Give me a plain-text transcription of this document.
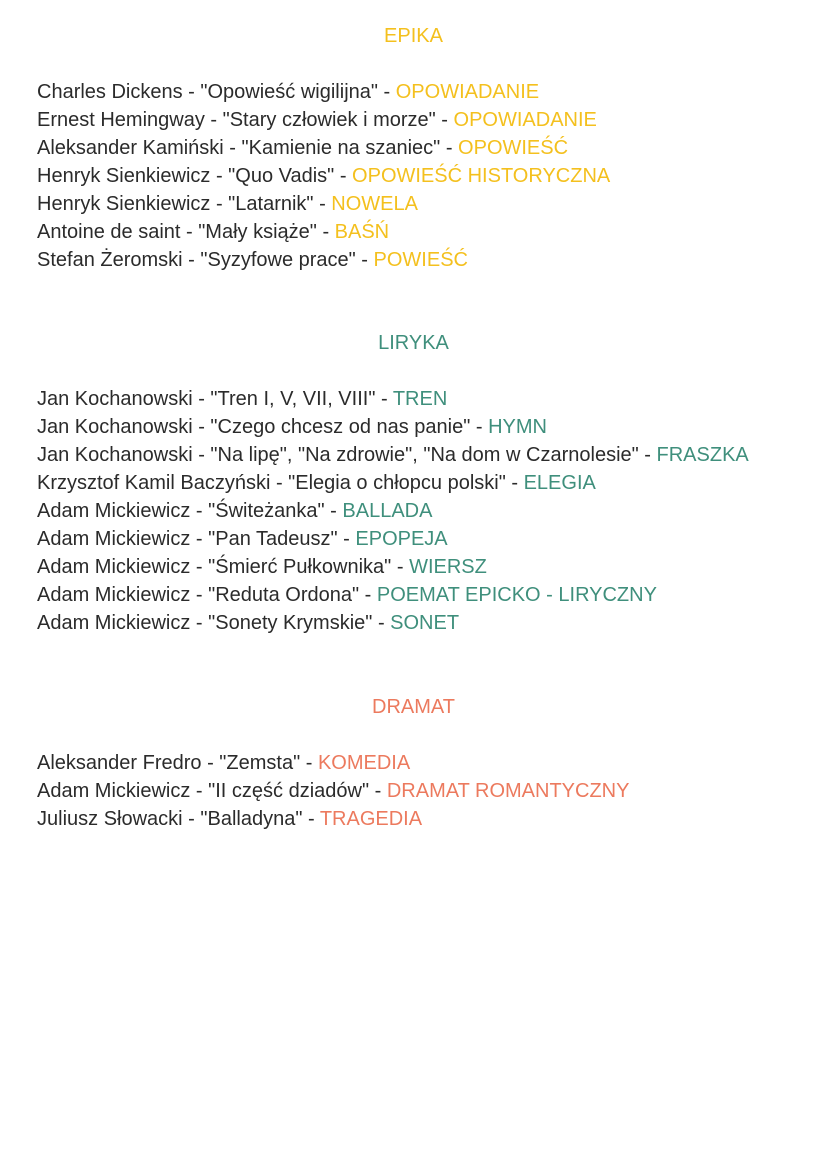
EPIKA
Charles Dickens - "Opowieść wigilijna" - OPOWIADANIE
Ernest Hemingway - "Stary człowiek i morze" - OPOWIADANIE
Aleksander Kamiński - "Kamienie na szaniec" - OPOWIEŚĆ
Henryk Sienkiewicz - "Quo Vadis" - OPOWIEŚĆ HISTORYCZNA
Henryk Sienkiewicz - "Latarnik" - NOWELA
Antoine de saint - "Mały książe" - BAŚŃ
Stefan Żeromski - "Syzyfowe prace" - POWIEŚĆ
LIRYKA
Jan Kochanowski - "Tren I, V, VII, VIII" - TREN
Jan Kochanowski - "Czego chcesz od nas panie" - HYMN
Jan Kochanowski - "Na lipę", "Na zdrowie", "Na dom w Czarnolesie" - FRASZKA
Krzysztof Kamil Baczyński - "Elegia o chłopcu polski" - ELEGIA
Adam Mickiewicz - "Świteżanka" - BALLADA
Adam Mickiewicz - "Pan Tadeusz" - EPOPEJA
Adam Mickiewicz - "Śmierć Pułkownika" - WIERSZ
Adam Mickiewicz - "Reduta Ordona" - POEMAT EPICKO - LIRYCZNY
Adam Mickiewicz - "Sonety Krymskie" - SONET
DRAMAT
Aleksander Fredro - "Zemsta" - KOMEDIA
Adam Mickiewicz - "II część dziadów" - DRAMAT ROMANTYCZNY
Juliusz Słowacki - "Balladyna" - TRAGEDIA
